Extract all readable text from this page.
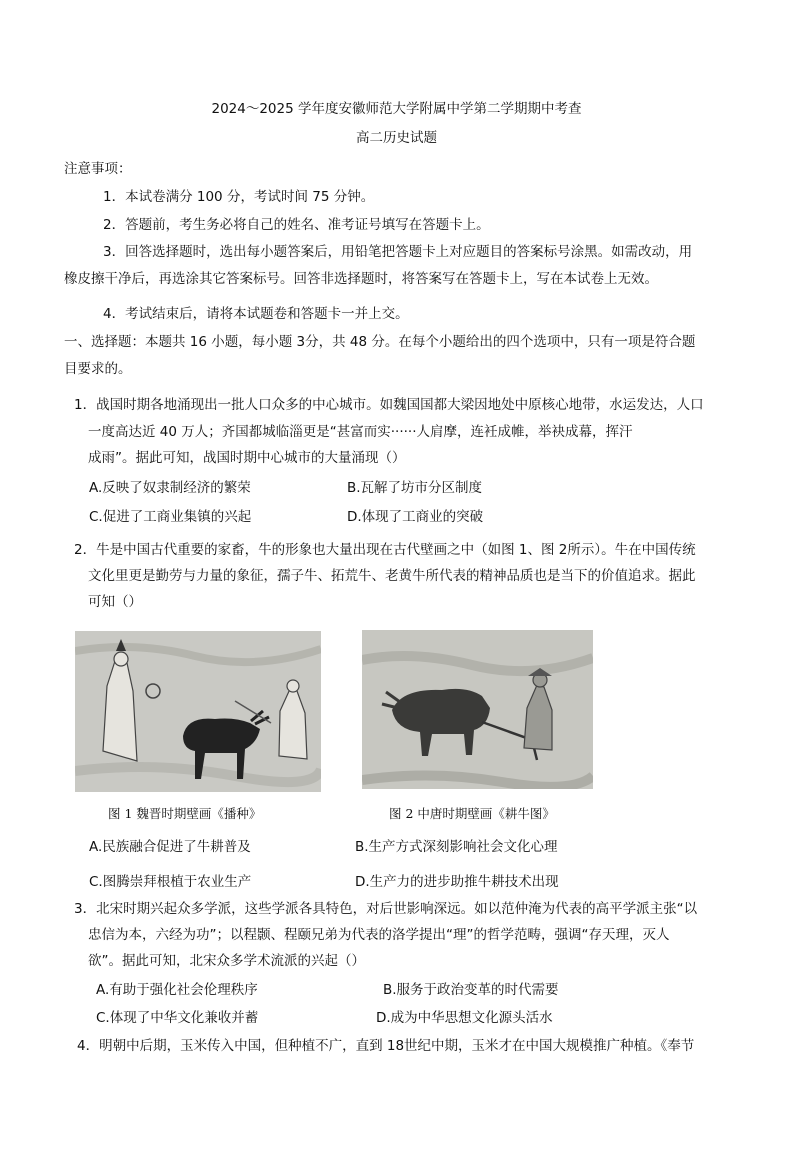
2024～2025 学年度安徽师范大学附属中学第二学期期中考查
高二历史试题
注意事项：
1．本试卷满分 100 分，考试时间 75 分钟。
2．答题前，考生务必将自己的姓名、准考证号填写在答题卡上。
3．回答选择题时，选出每小题答案后，用铅笔把答题卡上对应题目的答案标号涂黑。如需改动，用
橡皮擦干净后，再选涂其它答案标号。回答非选择题时，将答案写在答题卡上，写在本试卷上无效。
4．考试结束后，请将本试题卷和答题卡一并上交。
一、选择题：本题共 16 小题，每小题 3分，共 48 分。在每个小题给出的四个选项中，只有一项是符合题
目要求的。
1．战国时期各地涌现出一批人口众多的中心城市。如魏国国都大梁因地处中原核心地带，水运发达，人口
一度高达近 40 万人；齐国都城临淄更是“甚富而实······人肩摩，连衽成帷，举袂成幕，挥汗
成雨”。据此可知，战国时期中心城市的大量涌现（）
A.反映了奴隶制经济的繁荣	B.瓦解了坊市分区制度
C.促进了工商业集镇的兴起	D.体现了工商业的突破
2．牛是中国古代重要的家畜，牛的形象也大量出现在古代壁画之中（如图 1、图 2所示）。牛在中国传统
文化里更是勤劳与力量的象征，孺子牛、拓荒牛、老黄牛所代表的精神品质也是当下的价值追求。据此
可知（）
图 1 魏晋时期壁画《播种》	图 2 中唐时期壁画《耕牛图》
A.民族融合促进了牛耕普及	B.生产方式深刻影响社会文化心理
C.图腾崇拜根植于农业生产	D.生产力的进步助推牛耕技术出现
3．北宋时期兴起众多学派，这些学派各具特色，对后世影响深远。如以范仲淹为代表的高平学派主张“以
忠信为本，六经为功”；以程颢、程颐兄弟为代表的洛学提出“理”的哲学范畴，强调“存天理，灭人
欲”。据此可知，北宋众多学术流派的兴起（）
A.有助于强化社会伦理秩序	B.服务于政治变革的时代需要
C.体现了中华文化兼收并蓄	D.成为中华思想文化源头活水
4．明朝中后期，玉米传入中国，但种植不广，直到 18世纪中期，玉米才在中国大规模推广种植。《奉节
